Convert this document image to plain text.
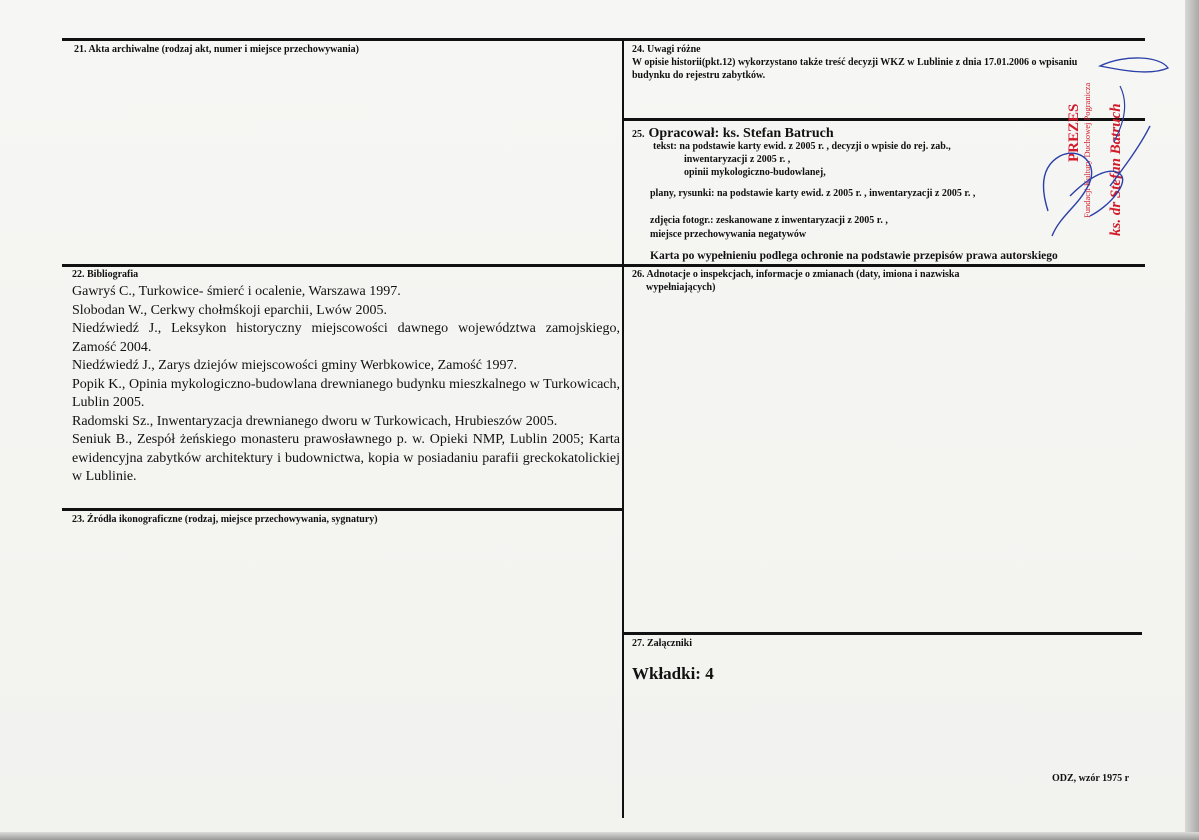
21. Akta archiwalne (rodzaj akt, numer i miejsce przechowywania)
22. Bibliografia

Gawryś C., Turkowice- śmierć i ocalenie, Warszawa 1997.

Slobodan W., Cerkwy chołmśkoji eparchii, Lwów 2005.

Niedźwiedź J., Leksykon historyczny miejscowości dawnego województwa zamojskiego, Zamość 2004.

Niedźwiedź J., Zarys dziejów miejscowości gminy Werbkowice, Zamość 1997.

Popik K., Opinia mykologiczno-budowlana drewnianego budynku mieszkalnego w Turkowicach, Lublin 2005.

Radomski Sz., Inwentaryzacja drewnianego dworu w Turkowicach, Hrubieszów 2005.

Seniuk B., Zespół żeńskiego monasteru prawosławnego p. w. Opieki NMP, Lublin 2005; Karta ewidencyjna zabytków architektury i budownictwa, kopia w posiadaniu parafii greckokatolickiej w Lublinie.

23. Źródła ikonograficzne (rodzaj, miejsce przechowywania, sygnatury)
24. Uwagi różne
W opisie historii(pkt.12) wykorzystano także treść decyzji WKZ w Lublinie z dnia 17.01.2006 o wpisaniu
budynku do rejestru zabytków.
25. Opracował: ks. Stefan Batruch
tekst: na podstawie karty ewid. z 2005 r. , decyzji o wpisie do rej. zab.,
inwentaryzacji z 2005 r. ,
opinii mykologiczno-budowlanej,
plany, rysunki: na podstawie karty ewid. z 2005 r. , inwentaryzacji z 2005 r. ,
zdjęcia fotogr.: zeskanowane z inwentaryzacji z 2005 r. ,
miejsce przechowywania negatywów
Karta po wypełnieniu podlega ochronie na podstawie przepisów prawa autorskiego
26. Adnotacje o inspekcjach, informacje o zmianach (daty, imiona i nazwiska
wypełniających)
27. Załączniki
Wkładki: 4
ODZ, wzór 1975 r
PREZES Fundacji Kultury Duchowej Pogranicza ks. dr Stefan Batruch
